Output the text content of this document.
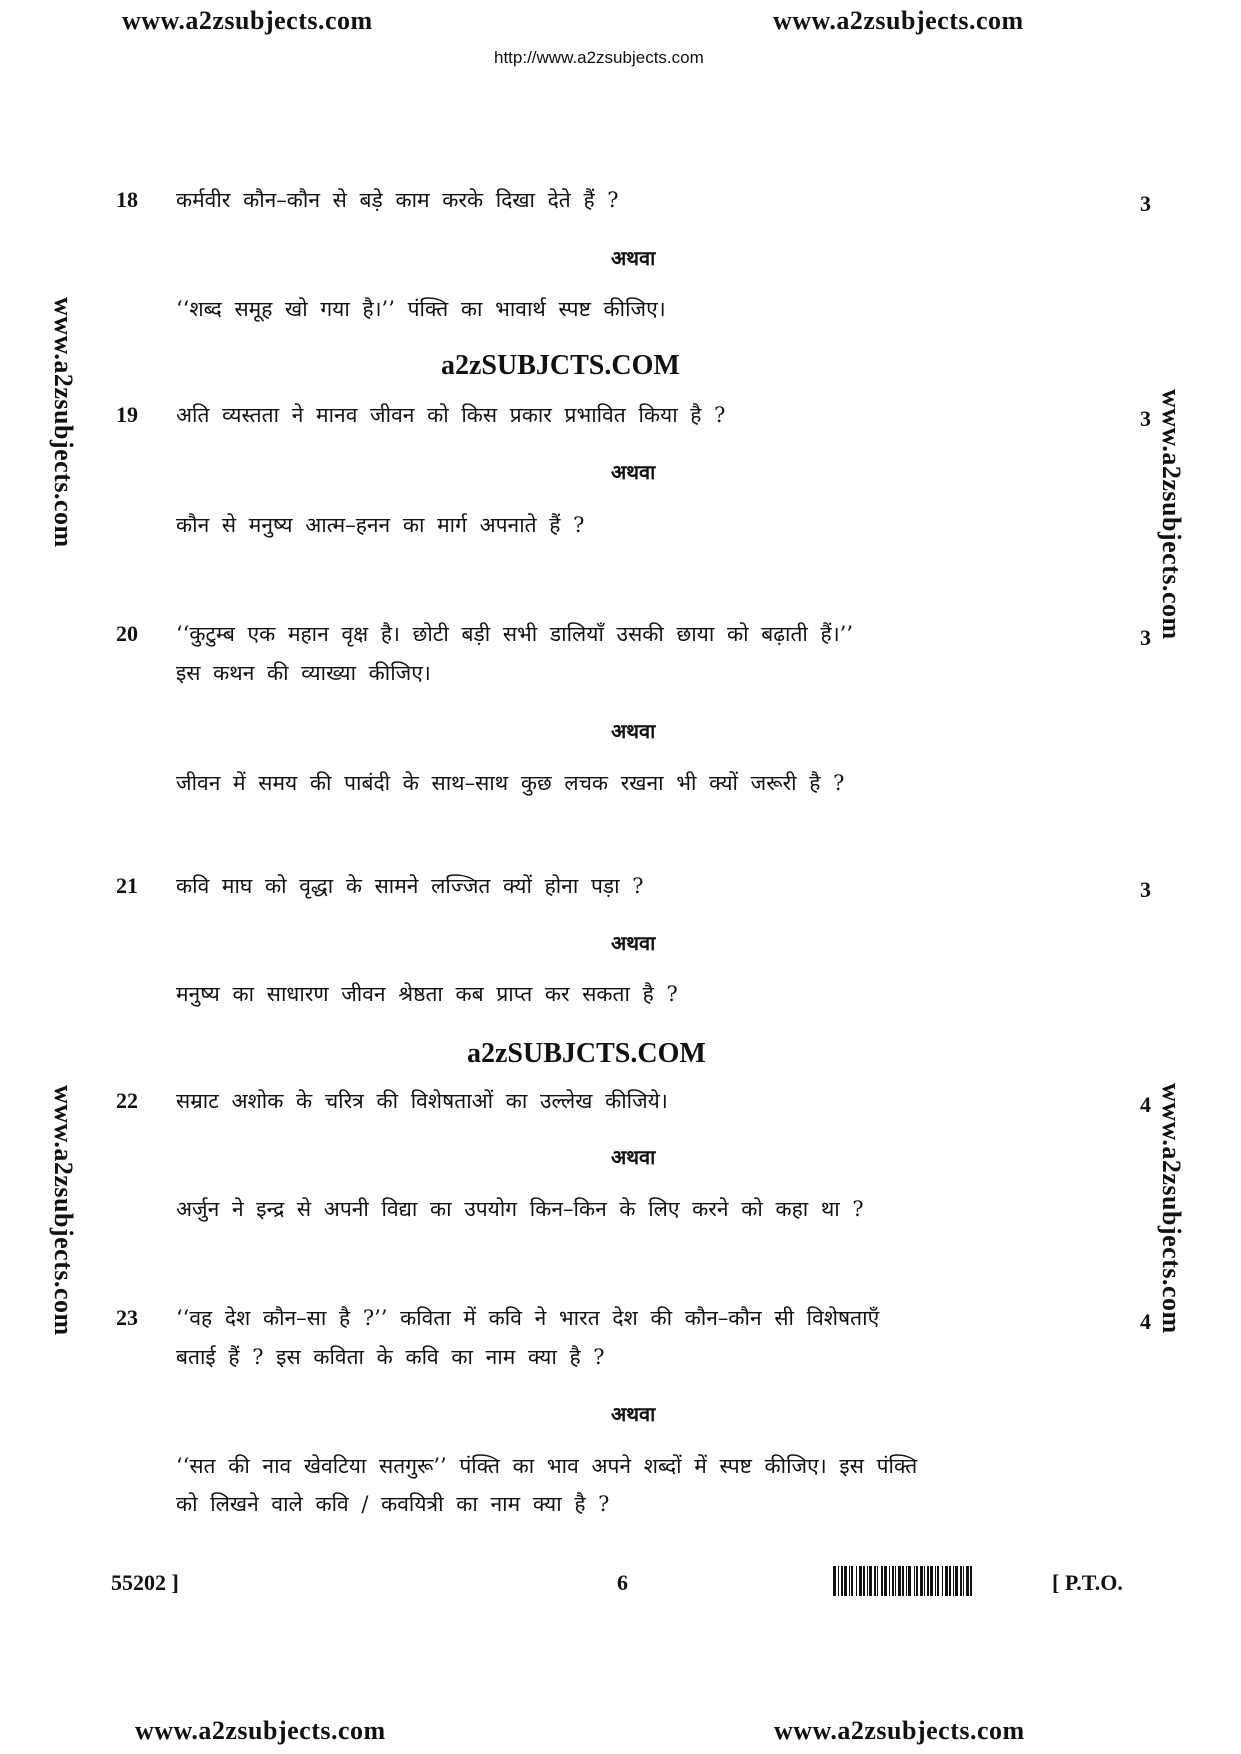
www.a2zsubjects.com	www.a2zsubjects.com
http://www.a2zsubjects.com
www.a2zsubjects.com
www.a2zsubjects.com
www.a2zsubjects.com
www.a2zsubjects.com
18 कर्मवीर कौन–कौन से बड़े काम करके दिखा देते हैं ?	3
अथवा
‘‘शब्द समूह खो गया है।’’ पंक्ति का भावार्थ स्पष्ट कीजिए।
a2zSUBJCTS.COM
19 अति व्यस्तता ने मानव जीवन को किस प्रकार प्रभावित किया है ?	3
अथवा
कौन से मनुष्य आत्म–हनन का मार्ग अपनाते हैं ?
20 ‘‘कुटुम्ब एक महान वृक्ष है। छोटी बड़ी सभी डालियाँ उसकी छाया को बढ़ाती हैं।’’
इस कथन की व्याख्या कीजिए।
3
अथवा
जीवन में समय की पाबंदी के साथ–साथ कुछ लचक रखना भी क्यों जरूरी है ?
21 कवि माघ को वृद्धा के सामने लज्जित क्यों होना पड़ा ?	3
अथवा
मनुष्य का साधारण जीवन श्रेष्ठता कब प्राप्त कर सकता है ?
a2zSUBJCTS.COM
22 सम्राट अशोक के चरित्र की विशेषताओं का उल्लेख कीजिये।	4
अथवा
अर्जुन ने इन्द्र से अपनी विद्या का उपयोग किन–किन के लिए करने को कहा था ?
23 ‘‘वह देश कौन–सा है ?’’ कविता में कवि ने भारत देश की कौन–कौन सी विशेषताएँ
बताई हैं ? इस कविता के कवि का नाम क्या है ?
4
अथवा
‘‘सत की नाव खेवटिया सतगुरू’’ पंक्ति का भाव अपने शब्दों में स्पष्ट कीजिए। इस पंक्ति
को लिखने वाले कवि / कवयित्री का नाम क्या है ?
55202 ]	6	[ P.T.O.
www.a2zsubjects.com	www.a2zsubjects.com
